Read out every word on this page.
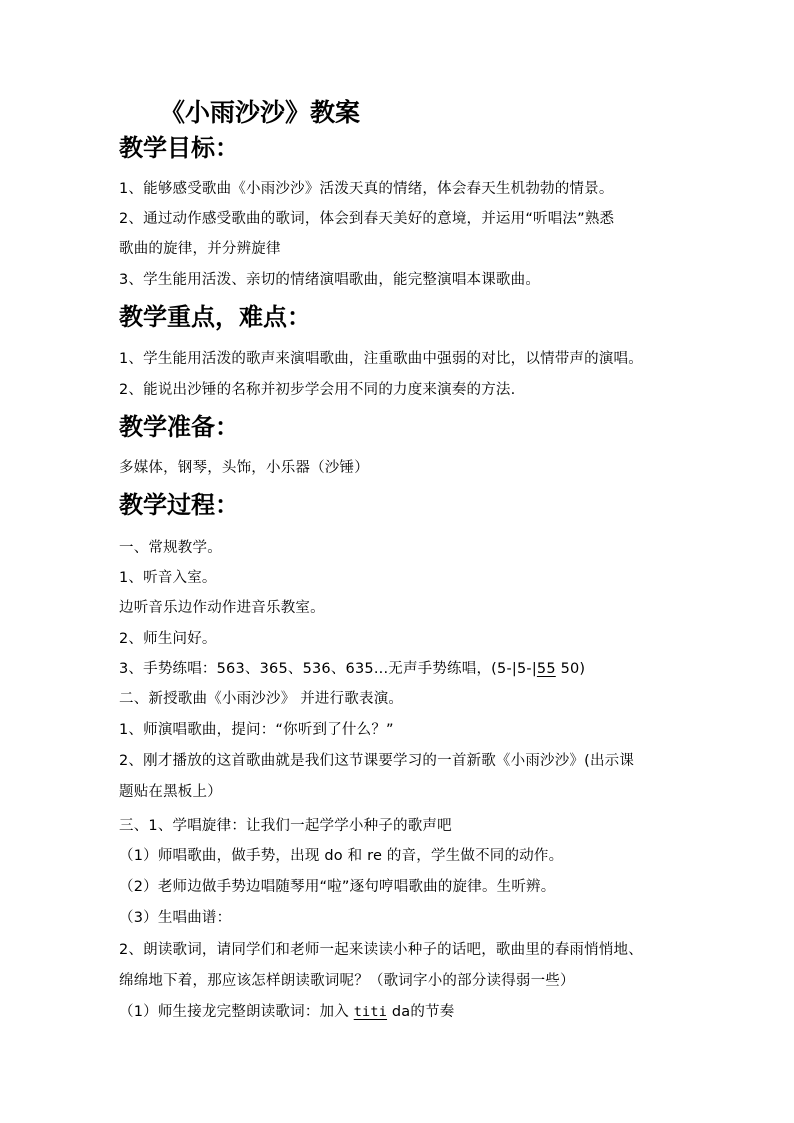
《小雨沙沙》教案
教学目标：
1、能够感受歌曲《小雨沙沙》活泼天真的情绪，体会春天生机勃勃的情景。
2、通过动作感受歌曲的歌词，体会到春天美好的意境，并运用“听唱法”熟悉
歌曲的旋律，并分辨旋律
3、学生能用活泼、亲切的情绪演唱歌曲，能完整演唱本课歌曲。
教学重点，难点：
1、学生能用活泼的歌声来演唱歌曲，注重歌曲中强弱的对比，以情带声的演唱。
2、能说出沙锤的名称并初步学会用不同的力度来演奏的方法.
教学准备：
多媒体，钢琴，头饰，小乐器（沙锤）
教学过程：
一、常规教学。
1、听音入室。
边听音乐边作动作进音乐教室。
2、师生问好。
3、手势练唱：563、365、536、635...无声手势练唱，(5-|5-|55 50)
二、新授歌曲《小雨沙沙》 并进行歌表演。
1、师演唱歌曲，提问：“你听到了什么？”
2、刚才播放的这首歌曲就是我们这节课要学习的一首新歌《小雨沙沙》(出示课
题贴在黑板上）
三、1、学唱旋律：让我们一起学学小种子的歌声吧
（1）师唱歌曲，做手势，出现 do 和 re 的音，学生做不同的动作。
（2）老师边做手势边唱随琴用“啦”逐句哼唱歌曲的旋律。生听辨。
（3）生唱曲谱：
2、朗读歌词，请同学们和老师一起来读读小种子的话吧，歌曲里的春雨悄悄地、
绵绵地下着，那应该怎样朗读歌词呢？（歌词字小的部分读得弱一些）
（1）师生接龙完整朗读歌词：加入 titi da的节奏
